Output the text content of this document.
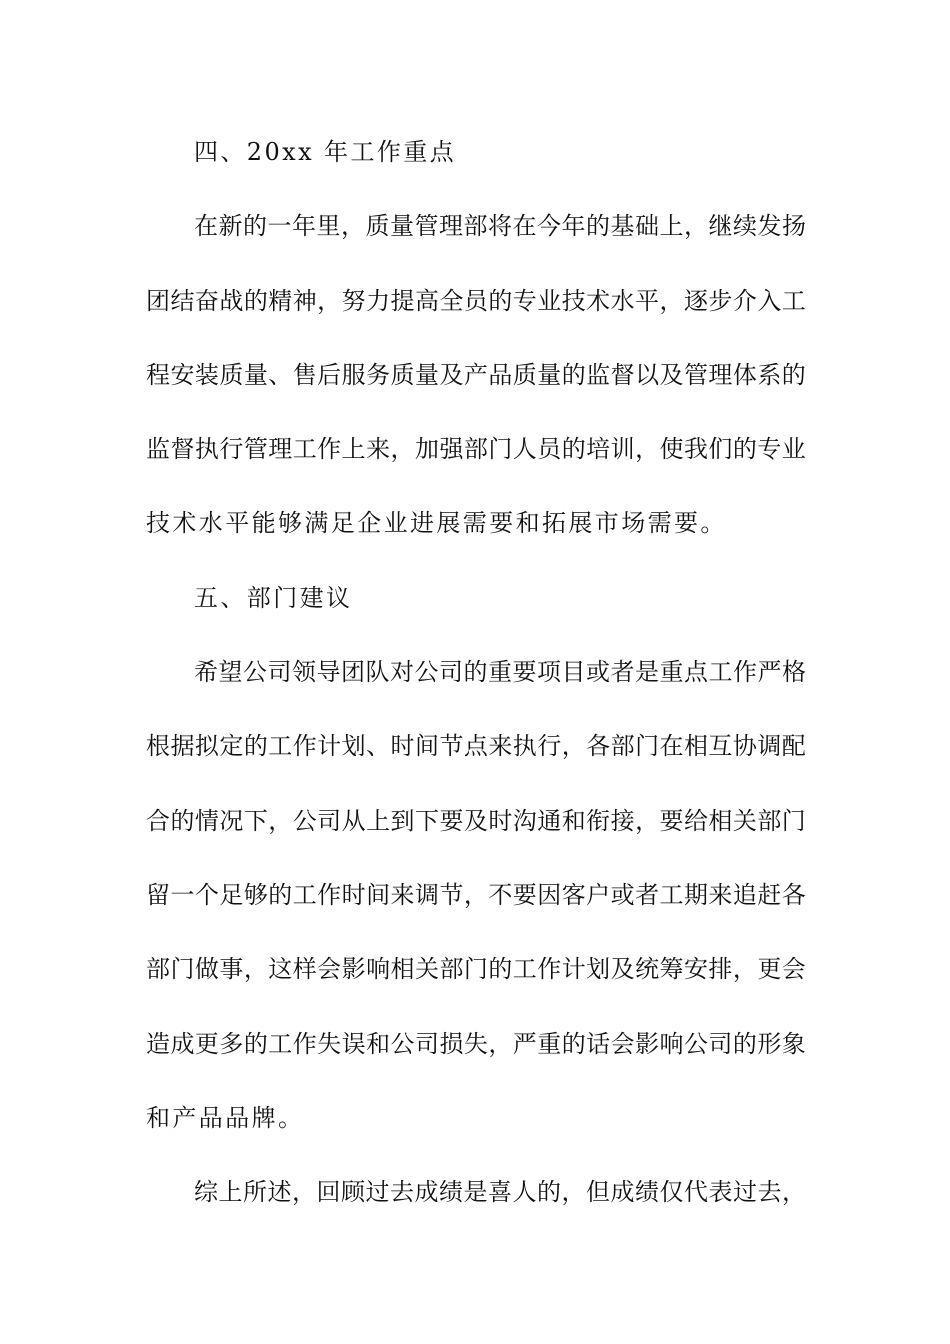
四、20xx 年工作重点
在 新 的 一 年 里 ， 质 量 管 理 部 将 在 今 年 的 基 础 上 ， 继 续 发 扬
团 结 奋 战 的 精 神 ， 努 力 提 高 全 员 的 专 业 技 术 水 平 ， 逐 步 介 入 工
程 安 装 质 量 、 售 后 服 务 质 量 及 产 品 质 量 的 监 督 以 及 管 理 体 系 的
监 督 执 行 管 理 工 作 上 来 ， 加 强 部 门 人 员 的 培 训 ， 使 我 们 的 专 业
技术水平能够满足企业进展需要和拓展市场需要。
五、部门建议
希 望 公 司 领 导 团 队 对 公 司 的 重 要 项 目 或 者 是 重 点 工 作 严 格
根 据 拟 定 的 工 作 计 划 、 时 间 节 点 来 执 行 ， 各 部 门 在 相 互 协 调 配
合 的 情 况 下 ， 公 司 从 上 到 下 要 及 时 沟 通 和 衔 接 ， 要 给 相 关 部 门
留 一 个 足 够 的 工 作 时 间 来 调 节 ， 不 要 因 客 户 或 者 工 期 来 追 赶 各
部 门 做 事 ， 这 样 会 影 响 相 关 部 门 的 工 作 计 划 及 统 筹 安 排 ， 更 会
造 成 更 多 的 工 作 失 误 和 公 司 损 失 ， 严 重 的 话 会 影 响 公 司 的 形 象
和产品品牌。
综 上 所 述 ， 回 顾 过 去 成 绩 是 喜 人 的 ， 但 成 绩 仅 代 表 过 去 ，
